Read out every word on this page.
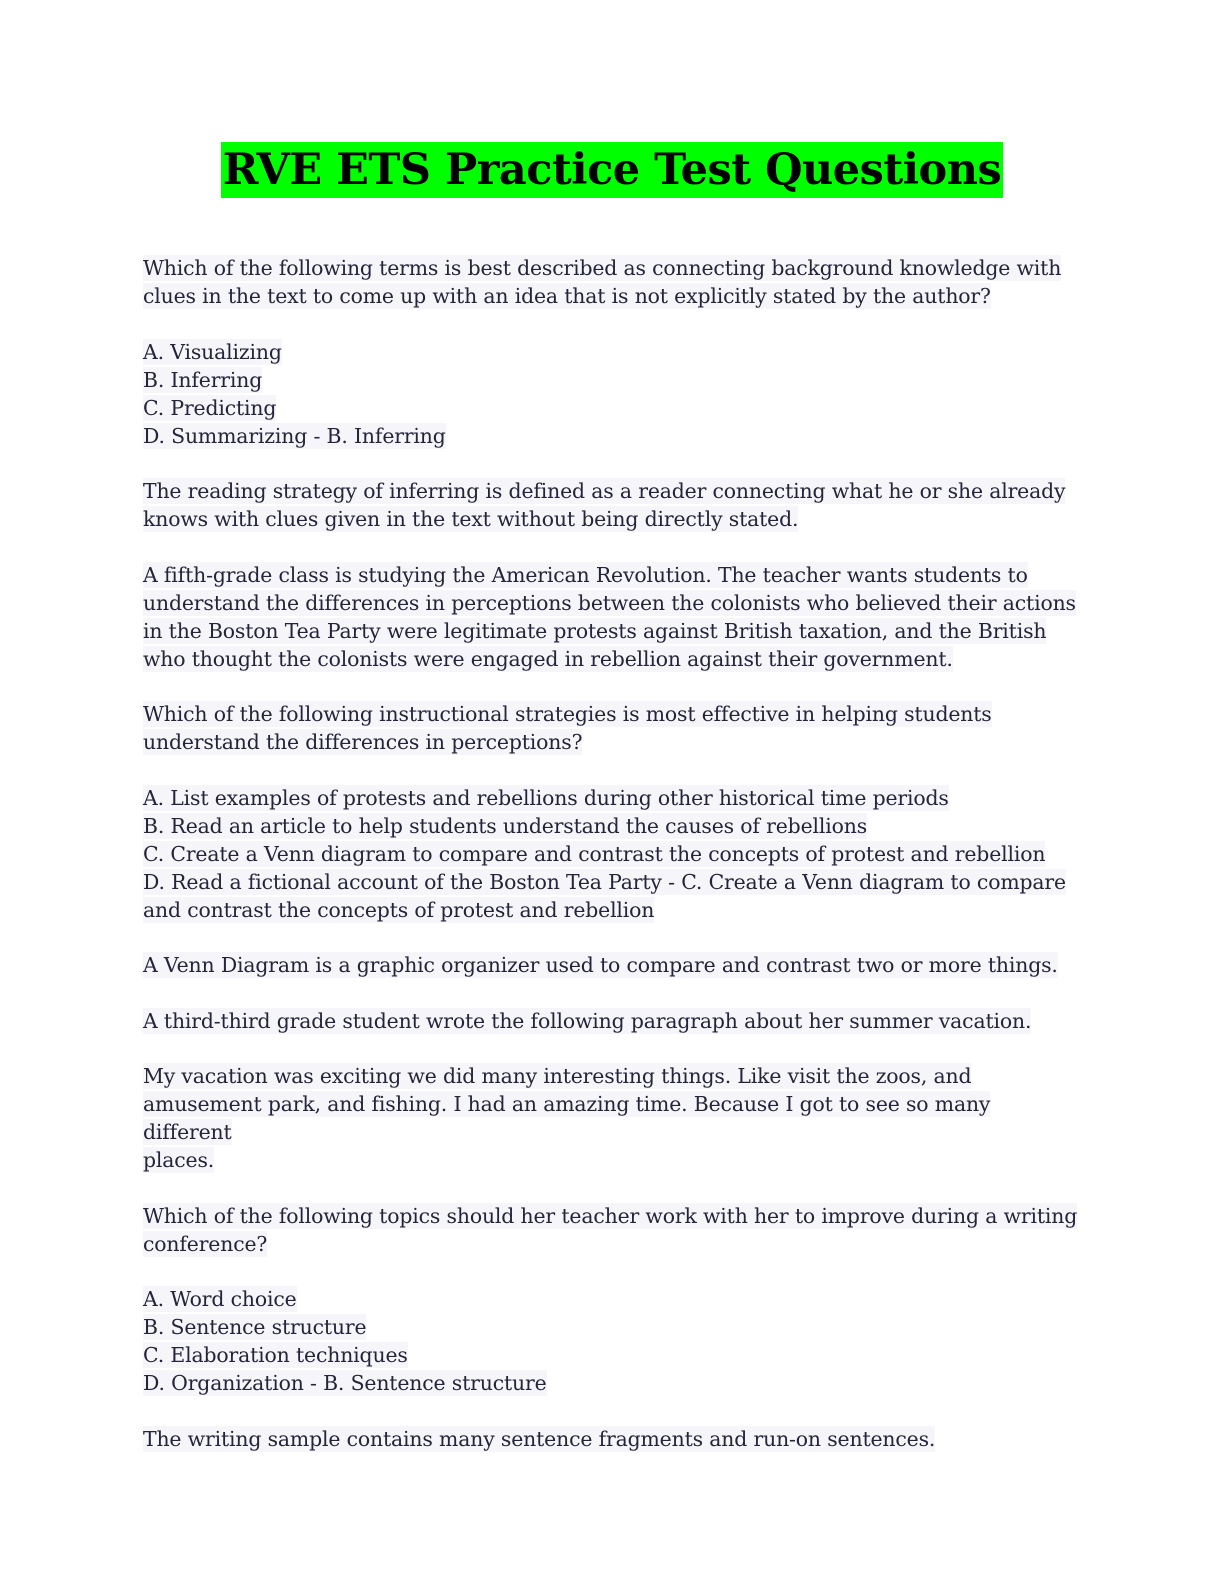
RVE ETS Practice Test Questions
Which of the following terms is best described as connecting background knowledge with
clues in the text to come up with an idea that is not explicitly stated by the author?
A. Visualizing
B. Inferring
C. Predicting
D. Summarizing - B. Inferring
The reading strategy of inferring is defined as a reader connecting what he or she already
knows with clues given in the text without being directly stated.
A fifth-grade class is studying the American Revolution. The teacher wants students to
understand the differences in perceptions between the colonists who believed their actions
in the Boston Tea Party were legitimate protests against British taxation, and the British
who thought the colonists were engaged in rebellion against their government.
Which of the following instructional strategies is most effective in helping students
understand the differences in perceptions?
A. List examples of protests and rebellions during other historical time periods
B. Read an article to help students understand the causes of rebellions
C. Create a Venn diagram to compare and contrast the concepts of protest and rebellion
D. Read a fictional account of the Boston Tea Party - C. Create a Venn diagram to compare
and contrast the concepts of protest and rebellion
A Venn Diagram is a graphic organizer used to compare and contrast two or more things.
A third-third grade student wrote the following paragraph about her summer vacation.
My vacation was exciting we did many interesting things. Like visit the zoos, and
amusement park, and fishing. I had an amazing time. Because I got to see so many different
places.
Which of the following topics should her teacher work with her to improve during a writing
conference?
A. Word choice
B. Sentence structure
C. Elaboration techniques
D. Organization - B. Sentence structure
The writing sample contains many sentence fragments and run-on sentences.
